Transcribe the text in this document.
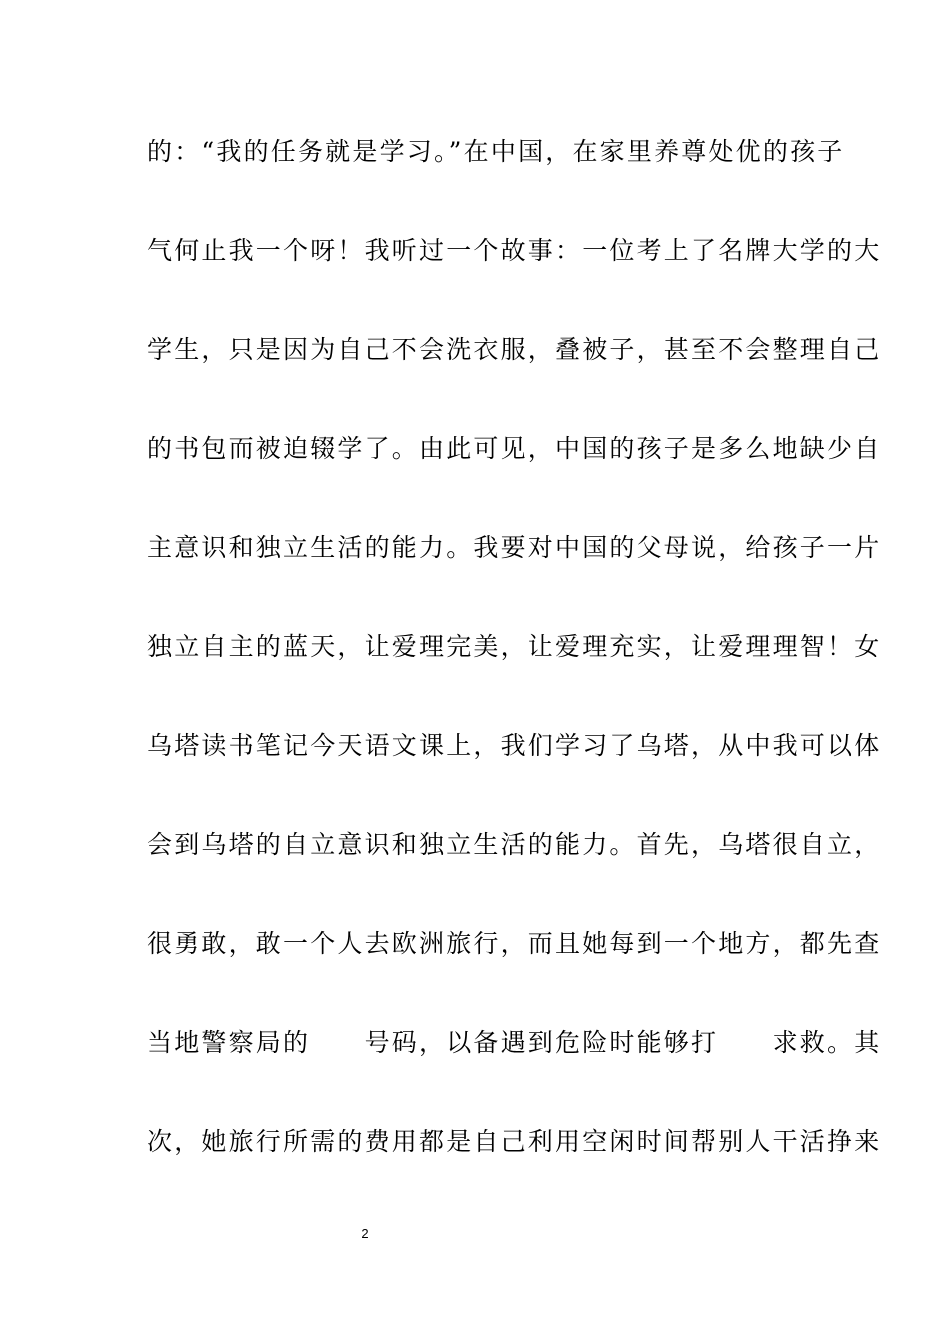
的：“我的任务就是学习。”在中国，在家里养尊处优的孩子
气何止我一个呀！我听过一个故事：一位考上了名牌大学的大
学生，只是因为自己不会洗衣服，叠被子，甚至不会整理自己
的书包而被迫辍学了。由此可见，中国的孩子是多么地缺少自
主意识和独立生活的能力。我要对中国的父母说，给孩子一片
独立自主的蓝天，让爱理完美，让爱理充实，让爱理理智！女
乌塔读书笔记今天语文课上，我们学习了乌塔，从中我可以体
会到乌塔的自立意识和独立生活的能力。首先，乌塔很自立，
很勇敢，敢一个人去欧洲旅行，而且她每到一个地方，都先查
当地警察局的　　号码，以备遇到危险时能够打　　求救。其
次，她旅行所需的费用都是自己利用空闲时间帮别人干活挣来
2
